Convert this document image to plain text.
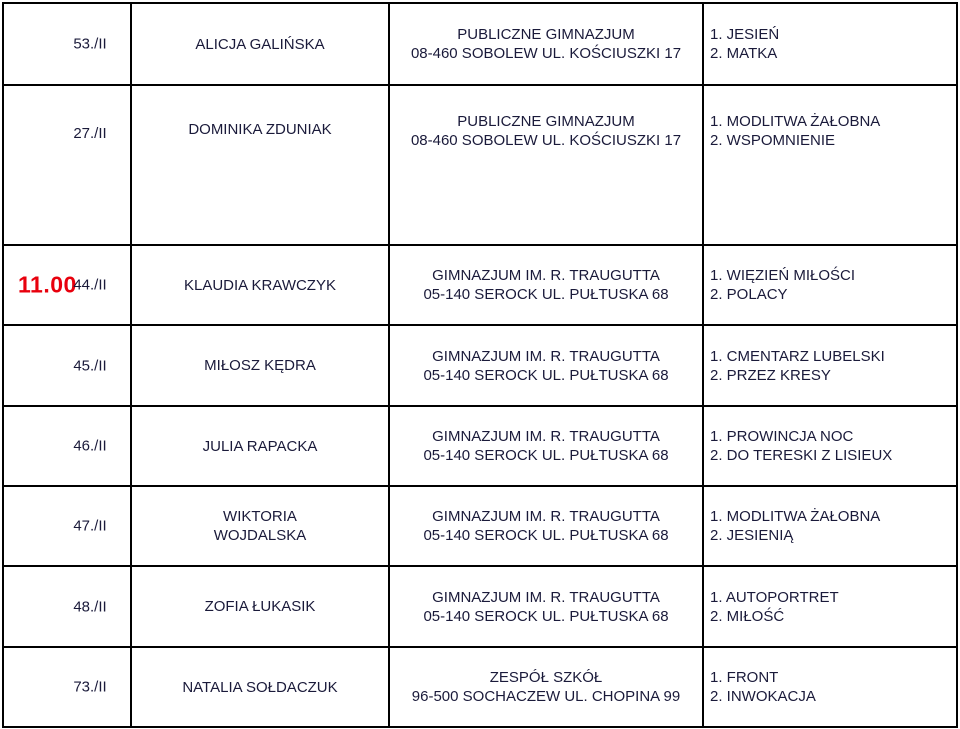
53./II	ALICJA GALIŃSKA	PUBLICZNE GIMNAZJUM
08-460 SOBOLEW UL. KOŚCIUSZKI 17	1. JESIEŃ
2. MATKA

27./II	DOMINIKA ZDUNIAK	PUBLICZNE GIMNAZJUM
08-460 SOBOLEW UL. KOŚCIUSZKI 17	1. MODLITWA ŻAŁOBNA
2. WSPOMNIENIE

11.00
44./II	KLAUDIA KRAWCZYK	GIMNAZJUM IM. R. TRAUGUTTA
05-140 SEROCK UL. PUŁTUSKA 68	1. WIĘZIEŃ MIŁOŚCI
2. POLACY

45./II	MIŁOSZ KĘDRA	GIMNAZJUM IM. R. TRAUGUTTA
05-140 SEROCK UL. PUŁTUSKA 68	1. CMENTARZ LUBELSKI
2. PRZEZ KRESY

46./II	JULIA RAPACKA	GIMNAZJUM IM. R. TRAUGUTTA
05-140 SEROCK UL. PUŁTUSKA 68	1. PROWINCJA NOC
2. DO TERESKI Z LISIEUX

47./II	WIKTORIA
WOJDALSKA	GIMNAZJUM IM. R. TRAUGUTTA
05-140 SEROCK UL. PUŁTUSKA 68	1. MODLITWA ŻAŁOBNA
2. JESIENIĄ

48./II	ZOFIA ŁUKASIK	GIMNAZJUM IM. R. TRAUGUTTA
05-140 SEROCK UL. PUŁTUSKA 68	1. AUTOPORTRET
2. MIŁOŚĆ

73./II	NATALIA SOŁDACZUK	ZESPÓŁ SZKÓŁ
96-500 SOCHACZEW UL. CHOPINA 99	1. FRONT
2. INWOKACJA
